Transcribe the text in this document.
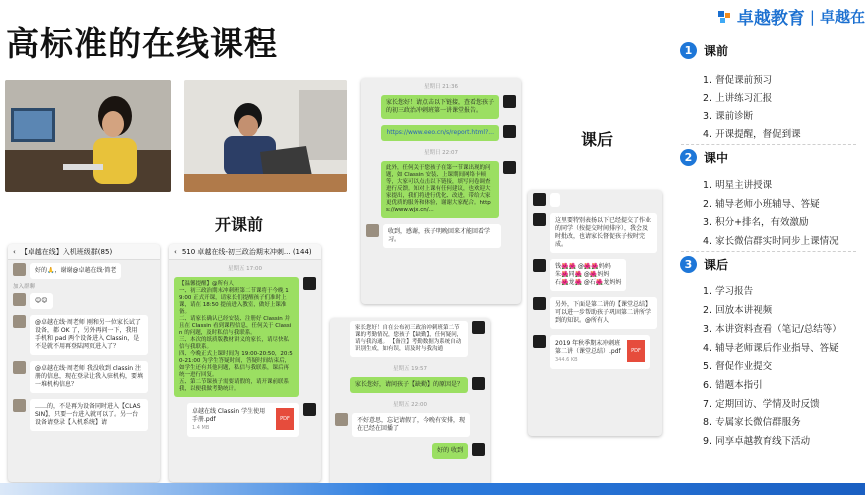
高标准的在线课程
卓越教育 | 卓越在
开课前
课后
‹ 【卓越在线】入机班级群(85)
好的🙏，谢谢@卓越在线·简老
加入群聊
😊😊
@卓越在线·周老师 刚和另一位家长试了设备，都 OK 了，另外再问一下，我用手机和 pad 两个设备进入 Classin，是不是就不用再登陆网页进入了？
@卓越在线·周老师 我没收到 classin 注册的信息，现在登录让我入驻机构，要填一堆机构信息？
……的，不是再为设备同时进入【CLASSIN】，只要一台进入就可以了。另一台设备请登录【入机系统】请
‹ 510 卓越在线-初三政治期末冲刺... (144)
星期五 17:00
【温馨提醒】@所有人
一、初三政治期末冲刺班第二节课将于今晚 19:00 正式开课，请家长们提醒孩子们准时上课，请在 18:50 提前进入教室，做好上课准备。
二、请家长确认已经安装、注册好 Classin 并且在 Classin 看到课程信息，任何关于 Classin 的问题，及时私信与我联系。
三、本次的纸质版教材讲义的家长，请尽快私信与我联系。
四、今晚正式上课时间为 19:00-20:50，20:50-21:00 为学生答疑时间，答疑时间结束后，如学生还有其他问题，私信与我联系，课后再统一进行回复。
五、第二节课孩子需要请假的，请开课前联系我，以便我做考勤统计。
卓越在线 Classin 学生使用手册.pdf
1.4 MB
PDF
星期日 21:36
家长您好！请点击以下链接，查看您孩子的初三政治冲刺班第一讲课堂报告。
https://www.eeo.cn/s/report.html?...
星期日 22:07
此外，任何关于您孩子在第一节课出现的问题，如 Classin 安装、上课期间网络卡顿等，大家可以点击以下链接，填写问卷调查进行反馈。知对上课有任何建议，也欢迎大家提出，我们将进行优化、改进，带给大家更优质的服务和体验，谢谢大家配合。https://www.wjx.cn/...
收到，感谢，孩子明晚回来才能回看学习。
家长您好！自在公布初三政治冲刺班第二节课的考勤情况，您孩子【缺勤】，任何疑问，请与我沟通。 【备注】考勤数据为系统自动识别生成，如有误，请及时与我沟通
星期五 19:57
家长您好，请问孩子【缺勤】的原因是？
星期五 22:00
不好意思，忘记请假了，今晚有安排，现在已经在回播了
好的 收到
这里要特别表扬以下已经提交了作业的同学（按提交时间排序），我会及时批改，也请家长督促孩子按时完成。
钱🌺🌺 @🌺🌺妈妈
朱🌺同🌺 @🌺妈妈
石🌺龙🌺 @石🌺龙妈妈
另外，下面是第二讲的【课堂总结】可以进一步帮助孩子巩固第二讲所学到的知识。@所有人
2019 年秋季期末冲刺班第二讲（课堂总结）.pdf
344.6 KB
PDF
1 课前
1. 督促课前预习
2. 上讲练习汇报
3. 课前诊断
4. 开课提醒，督促到课
2 课中
1. 明星主讲授课
2. 辅导老师小班辅导、答疑
3. 积分+排名，有效激励
4. 家长微信群实时同步上课情况
3 课后
1. 学习报告
2. 回放本讲视频
3. 本讲资料查看（笔记/总结等）
4. 辅导老师课后作业指导、答疑
5. 督促作业提交
6. 错题本指引
7. 定期回访、学情及时反馈
8. 专属家长微信群服务
9. 同享卓越教育线下活动
